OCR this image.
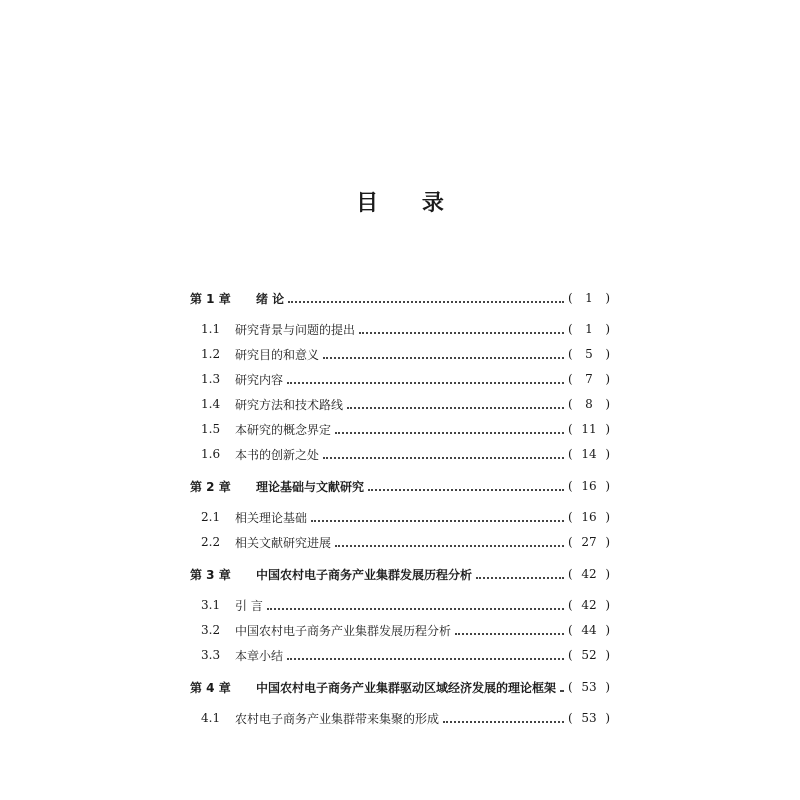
目 录
第 1 章	绪 论	(	1	)
1.1	研究背景与问题的提出	(	1	)
1.2	研究目的和意义	(	5	)
1.3	研究内容	(	7	)
1.4	研究方法和技术路线	(	8	)
1.5	本研究的概念界定	( 11 )
1.6	本书的创新之处	( 14 )
第 2 章	理论基础与文献研究	( 16 )
2.1	相关理论基础	( 16 )
2.2	相关文献研究进展	( 27 )
第 3 章	中国农村电子商务产业集群发展历程分析	( 42 )
3.1	引 言	( 42 )
3.2	中国农村电子商务产业集群发展历程分析	( 44 )
3.3	本章小结	( 52 )
第 4 章	中国农村电子商务产业集群驱动区域经济发展的理论框架 ( 53 )
4.1	农村电子商务产业集群带来集聚的形成	( 53 )
